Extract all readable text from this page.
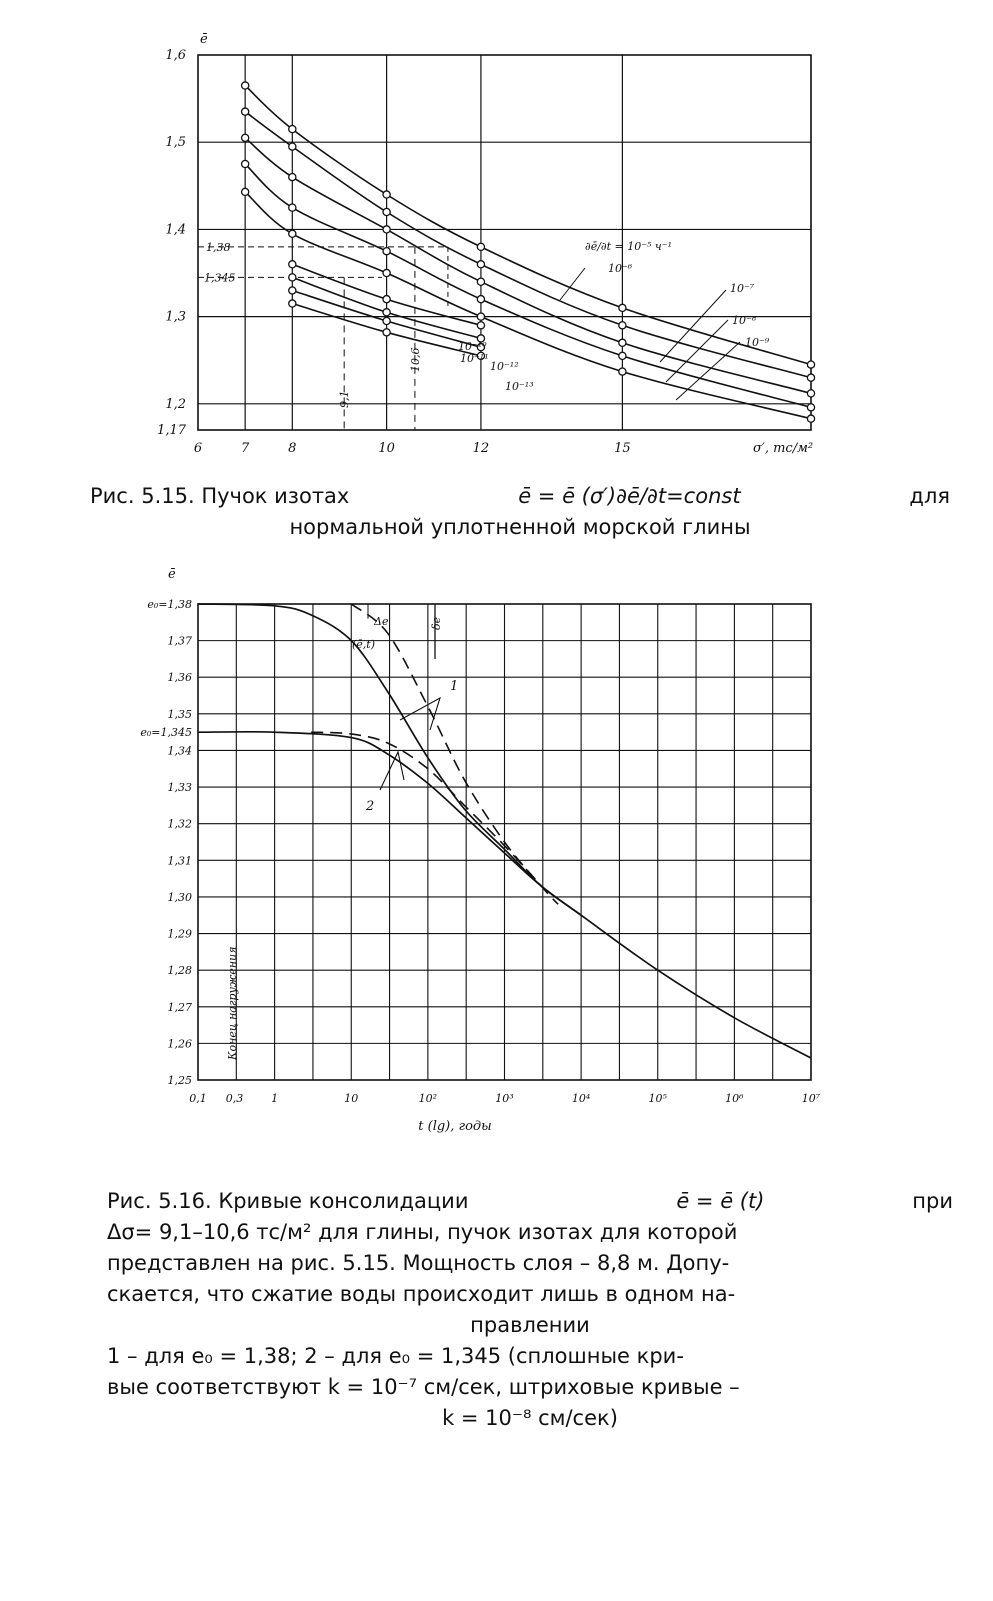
1,6
1,5
1,4
1,3
1,2
1,17
6	7	8	10	12	15	σ′, тс/м²
ē
1,38
1,345
9,1
10,6
∂ē/∂t = 10⁻⁵ ч⁻¹
10⁻⁶
10⁻⁷
10⁻⁸
10⁻⁹
10⁻¹⁰
10⁻¹¹
10⁻¹²
10⁻¹³
1,37
1,36
1,35
1,34
1,33
1,32
1,31
1,30
1,29
1,28
1,27
1,26
1,25
e₀=1,38
e₀=1,345
ē
0,1 0,3	1	10	10²	10³	10⁴	10⁵	10⁶	10⁷
t (lg), годы
Конец нагружения
Δe	δe
(ē,t)
1
2
Рис. 5.15. Пучок изотах	ē = ē (σ′)∂ē/∂t=const	для
нормальной уплотненной морской глины
Рис. 5.16. Кривые консолидации	ē = ē (t)	при
Δσ= 9,1–10,6 тс/м² для глины, пучок изотах для которой
представлен на рис. 5.15. Мощность слоя – 8,8 м. Допу-
скается, что сжатие воды происходит лишь в одном на-
правлении
1 – для e₀ = 1,38; 2 – для e₀ = 1,345 (сплошные кри-
вые соответствуют k = 10⁻⁷ см/сек, штриховые кривые –
k = 10⁻⁸ см/сек)
